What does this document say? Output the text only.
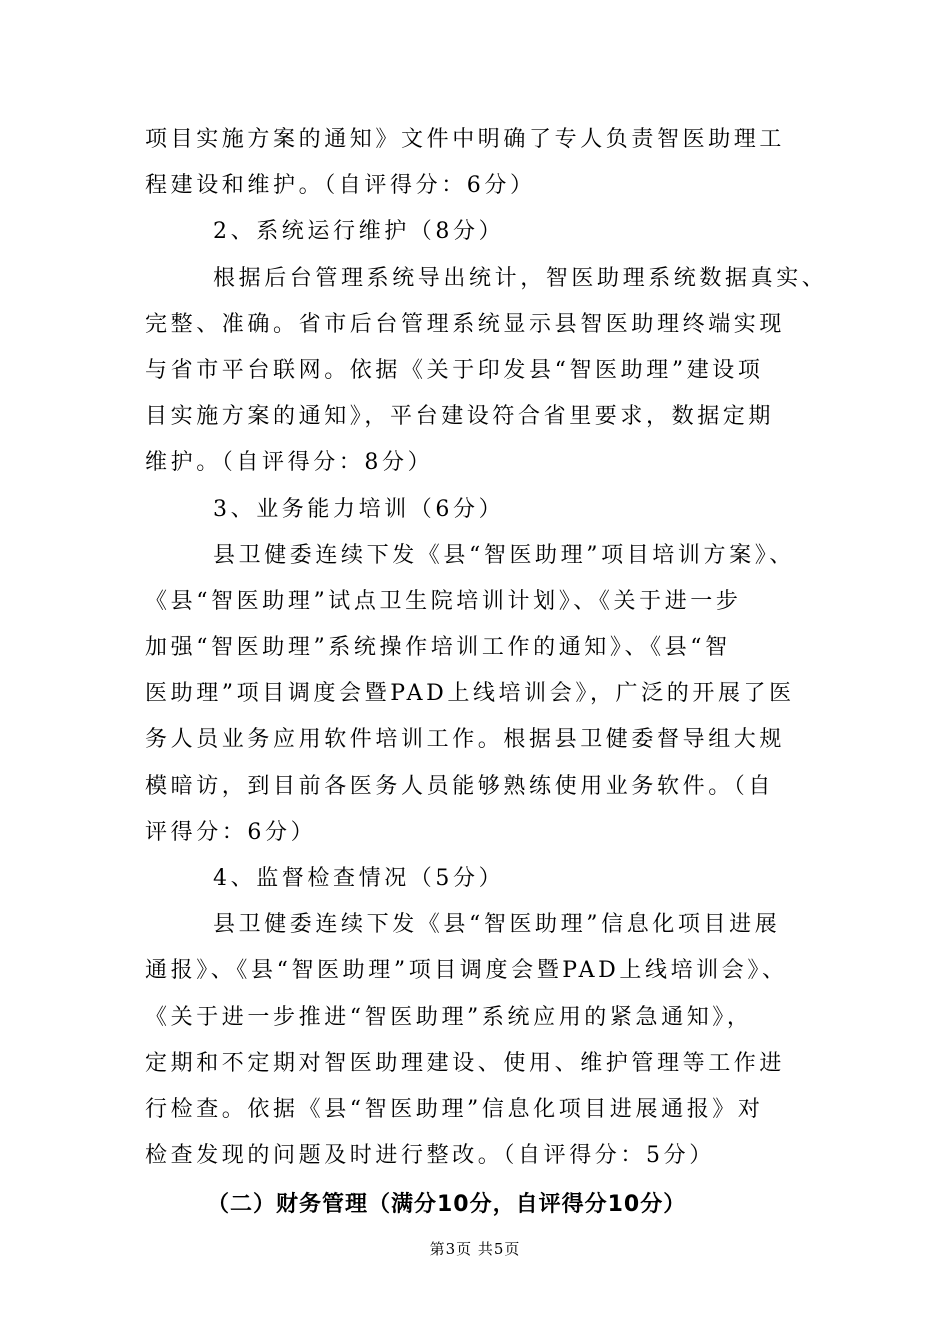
项目实施方案的通知》文件中明确了专人负责智医助理工
程建设和维护。（自评得分：6分）
2、系统运行维护（8分）
根据后台管理系统导出统计，智医助理系统数据真实、
完整、准确。省市后台管理系统显示县智医助理终端实现
与省市平台联网。依据《关于印发县“智医助理”建设项
目实施方案的通知》，平台建设符合省里要求，数据定期
维护。（自评得分：8分）
3、业务能力培训（6分）
县卫健委连续下发《县“智医助理”项目培训方案》、
《县“智医助理”试点卫生院培训计划》、《关于进一步
加强“智医助理”系统操作培训工作的通知》、《县“智
医助理”项目调度会暨PAD上线培训会》，广泛的开展了医
务人员业务应用软件培训工作。根据县卫健委督导组大规
模暗访，到目前各医务人员能够熟练使用业务软件。（自
评得分：6分）
4、监督检查情况（5分）
县卫健委连续下发《县“智医助理”信息化项目进展
通报》、《县“智医助理”项目调度会暨PAD上线培训会》、
《关于进一步推进“智医助理”系统应用的紧急通知》，
定期和不定期对智医助理建设、使用、维护管理等工作进
行检查。依据《县“智医助理”信息化项目进展通报》对
检查发现的问题及时进行整改。（自评得分：5分）
（二）财务管理（满分10分，自评得分10分）
第3页 共5页
